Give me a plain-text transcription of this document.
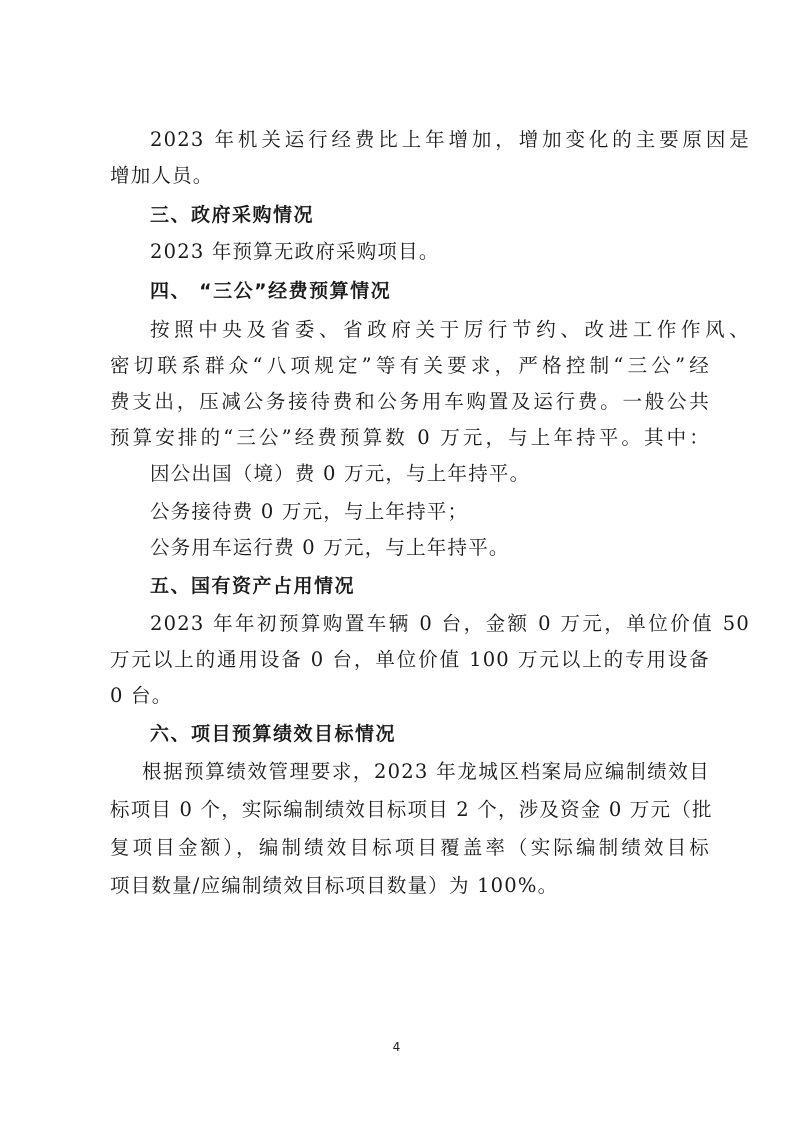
2023 年机关运行经费比上年增加，增加变化的主要原因是
增加人员。
三、政府采购情况
2023 年预算无政府采购项目。
四、 “三公”经费预算情况
按照中央及省委、省政府关于厉行节约、改进工作作风、
密切联系群众“八项规定”等有关要求，严格控制“三公”经
费支出，压减公务接待费和公务用车购置及运行费。一般公共
预算安排的“三公”经费预算数 0 万元，与上年持平。其中：
因公出国（境）费 0 万元，与上年持平。
公务接待费 0 万元，与上年持平；
公务用车运行费 0 万元，与上年持平。
五、国有资产占用情况
2023 年年初预算购置车辆 0 台，金额 0 万元，单位价值 50
万元以上的通用设备 0 台，单位价值 100 万元以上的专用设备
0 台。
六、项目预算绩效目标情况
根据预算绩效管理要求，2023 年龙城区档案局应编制绩效目
标项目 0 个，实际编制绩效目标项目 2 个，涉及资金 0 万元（批
复项目金额），编制绩效目标项目覆盖率（实际编制绩效目标
项目数量/应编制绩效目标项目数量）为 100%。
4
